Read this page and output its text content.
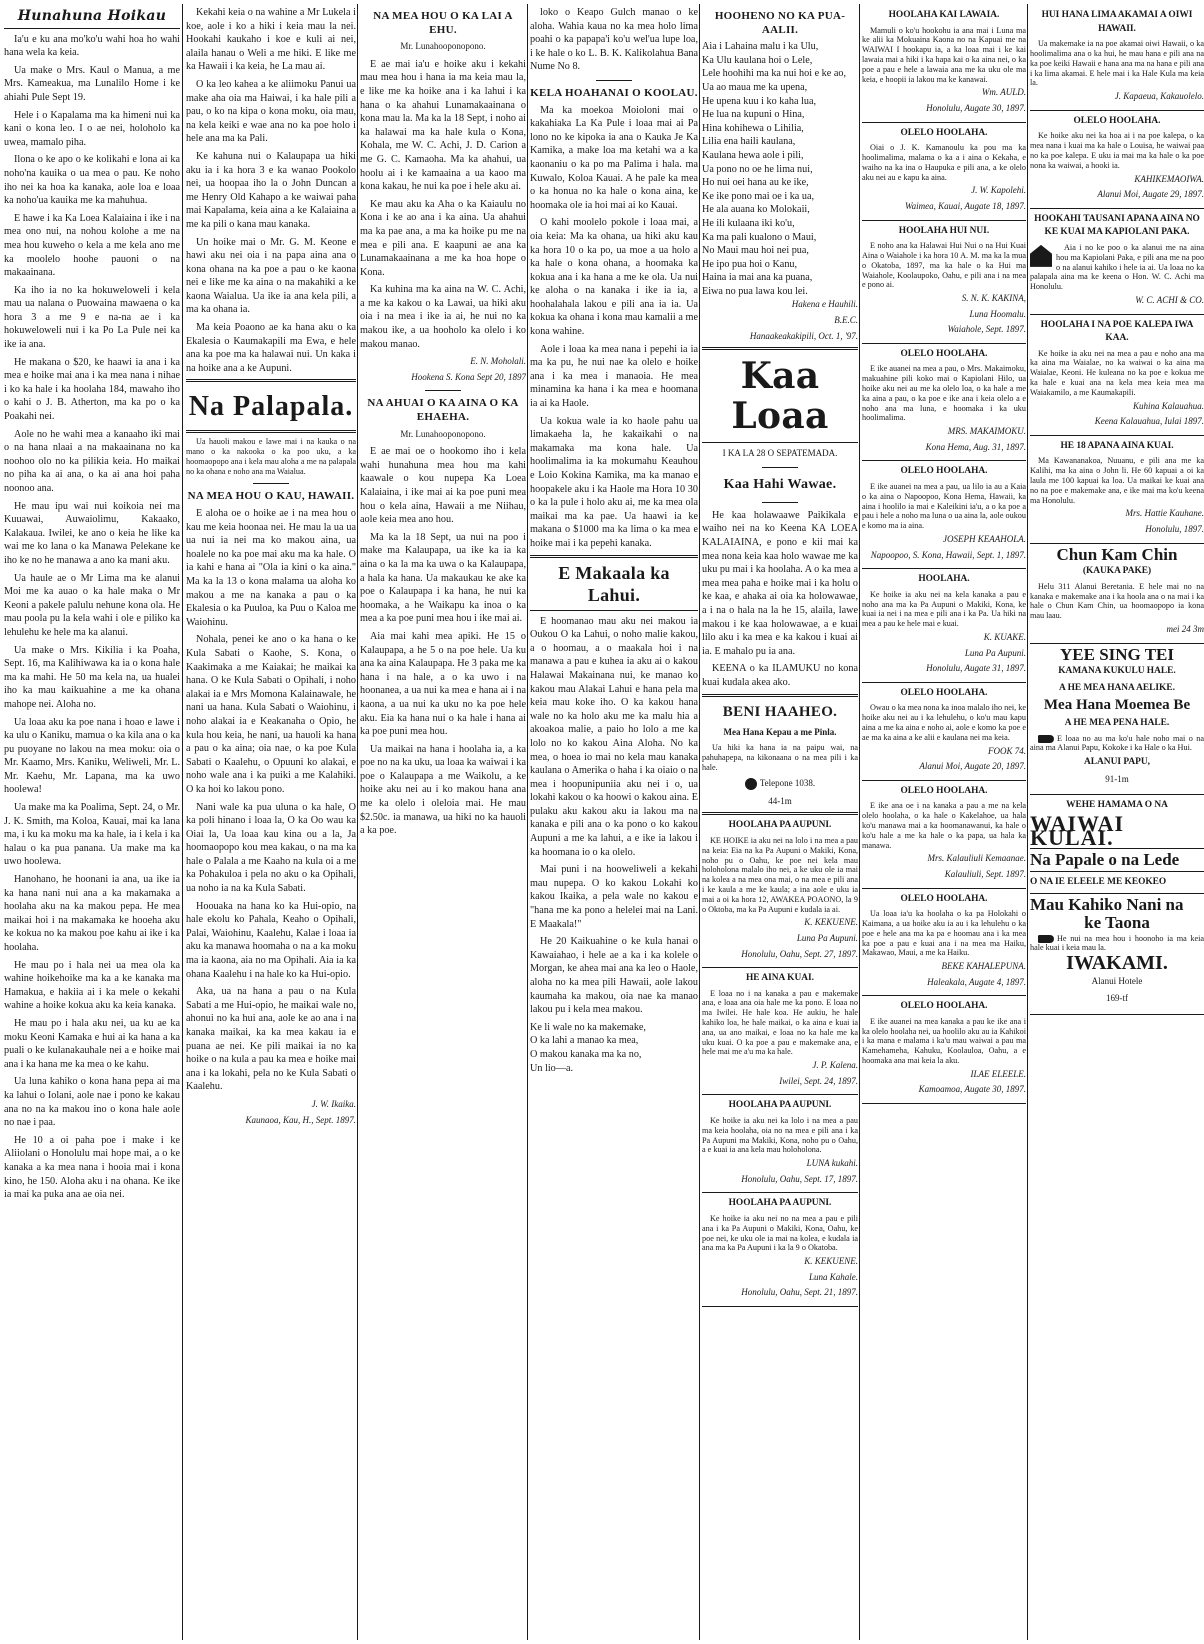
Hunahuna Hoikau

Ia'u e ku ana mo'ko'u wahi hoa ho wahi hana wela ka keia.

Ua make o Mrs. Kaul o Manua, a me Mrs. Kameakua, ma Lunalilo Home i ke ahiahi Pule Sept 19.

Hele i o Kapalama ma ka himeni nui ka kani o kona leo. I o ae nei, holoholo ka uwea, mamalo piha.

Ilona o ke apo o ke kolikahi e lona ai ka noho'na kauika o ua mea o pau. Ke noho iho nei ka hoa ka kanaka, aole loa e loaa ka noho'ua kauika me ka mahuhua.

E hawe i ka Ka Loea Kalaiaina i ike i na mea ono nui, na nohou kolohe a me na mea hou kuweho o kela a me kela ano me ka moolelo hoohe pauoni o na makaainana.

Ka iho ia no ka hokuweloweli i kela mau ua nalana o Puowaina mawaena o ka hora 3 a me 9 e na-na ae i ka hokuweloweli nui i ka Po La Pule nei ka ike ia ana.

He makana o $20, ke haawi ia ana i ka mea e hoike mai ana i ka mea nana i nihae i ko ka hale i ka hoolaha 184, mawaho iho o kahi o J. B. Atherton, ma ka po o ka Poakahi nei.

Aole no he wahi mea a kanaaho iki mai o na hana nlaai a na makaainana no ka noohoo olo no ka pilikia keia. Ho maikai no piha ka ai ana, o ka ai ana hoi paha noonoo ana.

He mau ipu wai nui koikoia nei ma Kuuawai, Auwaiolimu, Kakaako, Kalakaua. Iwilei, ke ano o keia he like ka wai me ko lana o ka Manawa Pelekane ke iho ke no he manawa a ano ka mani aku.

Ua haule ae o Mr Lima ma ke alanui Moi me ka auao o ka hale maka o Mr Keoni a pakele palulu nehune kona ola. He mau poola pu la kela wahi i ole e piliko ka lehulehu ke hele ma ka alanui.

Ua make o Mrs. Kikilia i ka Poaha, Sept. 16, ma Kalihiwawa ka ia o kona hale ma ka mahi. He 50 ma kela na, ua hualei iho ka mau kaikuahine a me ka ohana mahope nei. Aloha no.

Ua loaa aku ka poe nana i hoao e lawe i ka ulu o Kaniku, mamua o ka kila ana o ka pu puoyane no lakou na mea moku: oia o Mr. Kaamo, Mrs. Kaniku, Weliweli, Mr. L. Mr. Kaehu, Mr. Lapana, ma ka uwo hoolewa!

Ua make ma ka Poalima, Sept. 24, o Mr. J. K. Smith, ma Koloa, Kauai, mai ka lana ma, i ku ka moku ma ka hale, ia i kela i ka halau o ka pua panana. Ua make ma ka uwo hoolewa.

Hanohano, he hoonani ia ana, ua ike ia ka hana nani nui ana a ka makamaka a hoolaha aku na ka makou pepa. He mea maikai hoi i na makamaka ke hooeha aku ke kokua no ka makou poe kahu ai ike i ka hoolaha.

He mau po i hala nei ua mea ola ka wahine hoikehoike ma ka a ke kanaka ma Hamakua, e hakiia ai i ka mele o kekahi wahine a hoike kokua aku ka keia kanaka.

He mau po i hala aku nei, ua ku ae ka moku Keoni Kamaka e hui ai ka hana a ka puali o ke kulanakauhale nei a e hoike mai ana i ka hana me ka mea o ke kahu.

Ua luna kahiko o kona hana pepa ai ma ka lahui o Iolani, aole nae i pono ke kakau ana no na ka makou ino o kona hale aole no nae i paa.

He 10 a oi paha poe i make i ke Aliiolani o Honolulu mai hope mai, a o ke kanaka a ka mea nana i hooia mai i kona kino, he 150. Aloha aku i na ohana. Ke ike ia mai ka puka ana ae oia nei.

Kekahi keia o na wahine a Mr Lukela i koe, aole i ko a hiki i keia mau la nei. Hookahi kaukaho i koe e kuli ai nei, alaila hanau o Weli a me hiki. E like me ka Hawaii i ka keia, he La mau ai.

O ka leo kahea a ke aliimoku Panui ua make aha oia ma Haiwai, i ka hale pili a pau, o ko na kipa o kona moku, oia mau, na kela keiki e wae ana no ka poe holo i hele ana ma ka Pali.

Ke kahuna nui o Kalaupapa ua hiki aku ia i ka hora 3 e ka wanao Pookolo nei, ua hoopaa iho la o John Duncan a me Henry Old Kahapo a ke waiwai paha mai Kapalama, keia aina a ke Kalaiaina a me ka pili o kana mau kanaka.

Un hoike mai o Mr. G. M. Keone e hawi aku nei oia i na papa aina ana o kona ohana na ka poe a pau o ke kaona nei e like me ka aina o na makahiki a ke kaona Waialua. Ua ike ia ana kela pili, a ma ka ohana ia.

Ma keia Poaono ae ka hana aku o ka Ekalesia o Kaumakapili ma Ewa, e hele ana ka poe ma ka halawai nui. Un kaka i na hoike ana a ke Aupuni.

Na Palapala.

Ua hauoli makou e lawe mai i na kauka o na mano o ka nakooka o ka poo uku, a ka hoomaopopo ana i kela mau aloha a me na palapala no ka ohana e noho ana ma Waialua.

NA MEA HOU O KAU, HAWAII.

E aloha oe o hoike ae i na mea hou o kau me keia hoonaa nei. He mau la ua ua ua nui ia nei ma ko makou aina, ua hoalele no ka poe mai aku ma ka hale. O ia kahi e hana ai "Ola ia kini o ka aina." Ma ka la 13 o kona malama ua aloha ko makou a me na kanaka a pau o ka Ekalesia o ka Puuloa, ka Puu o Kaloa me Waiohinu.

Nohala, penei ke ano o ka hana o ke Kula Sabati o Kaohe, S. Kona, o Kaakimaka a me Kaiakai; he maikai ka hana. O ke Kula Sabati o Opihali, i noho alakai ia e Mrs Momona Kalainawale, he nani ua hana. Kula Sabati o Waiohinu, i noho alakai ia e Keakanaha o Opio, he kula hou keia, he nani, ua hauoli ka hana a pau o ka aina; oia nae, o ka poe Kula Sabati o Kaalehu, o Opuuni ko alakai, e noho wale ana i ka puiki a me Kalahiki. O ka hoi ko lakou pono.

Nani wale ka pua uluna o ka hale, O ka poli hinano i loaa la, O ka Oo wau ka Oiai la, Ua loaa kau kina ou a la, Ja hoomaopopo kou mea kakau, o na ma ka hale o Palala a me Kaaho na kula oi a me ka Pohakuloa i pela no aku o ka Opihali, ua noho ia na ka Kula Sabati.

Hoouaka na hana ko ka Hui-opio, na hale ekolu ko Pahala, Keaho o Opihali, Palai, Waiohinu, Kaalehu, Kalae i loaa ia aku ka manawa hoomaha o na a ka moku ma ia kaona, aia no ma Opihali. Aia ia ka ohana Kaalehu i na hale ko ka Hui-opio.

Aka, ua na hana a pau o na Kula Sabati a me Hui-opio, he maikai wale no, ahonui no ka hui ana, aole ke ao ana i na kanaka maikai, ka ka mea kakau ia e puana ae nei. Ke pili maikai ia no ka hoike o na kula a pau ka mea e hoike mai ana i ka lokahi, pela no ke Kula Sabati o Kaalehu.

J. W. Ikaika.
Kaunaoa, Kau, H., Sept. 1897.
NA MEA HOU O KA LAI A EHU.
Mr. Lunahooponopono.

E ae mai ia'u e hoike aku i kekahi mau mea hou i hana ia ma keia mau la, e like me ka hoike ana i ka lahui i ka hana o ka ahahui Lunamakaainana o kona mau la. Ma ka la 18 Sept, i noho ai ka halawai ma ka hale kula o Kona, Kohala, me W. C. Achi, J. D. Carion a me G. C. Kamaoha. Ma ka ahahui, ua hoolu ai i ke kamaaina a ua kaoo ma kona kakau, he nui ka poe i hele aku ai.

Ke mau aku ka Aha o ka Kaiaulu no Kona i ke ao ana i ka aina. Ua ahahui ma ka pae ana, a ma ka hoike pu me na mea e pili ana. E kaapuni ae ana ka Lunamakaainana a me ka hoa hope o Kona.

Ka kuhina ma ka aina na W. C. Achi, a me ka kakou o ka Lawai, ua hiki aku oia i na mea i ike ia ai, he nui no ka makou ike, a ua hooholo ka olelo i ko makou manao.

E. N. Moholali.
Hookena S. Kona Sept 20, 1897
NA AHUAI O KA AINA O KA EHAEHA.
Mr. Lunahooponopono.

E ae mai oe o hookomo iho i kela wahi hunahuna mea hou ma kahi kaawale o kou nupepa Ka Loea Kalaiaina, i ike mai ai ka poe puni mea hou o kela aina, Hawaii a me Niihau, aole keia mea ano hou.

Ma ka la 18 Sept, ua nui na poo i make ma Kalaupapa, ua ike ka ia ka aina o ka la ma ka uwa o ka Kalaupapa, a hala ka hana. Ua makaukau ke ake ka poe o Kalaupapa i ka hana, he nui ka hoomaka, a he Waikapu ka inoa o ka mea a ka poe puni mea hou i ike mai ai.

Aia mai kahi mea apiki. He 15 o Kalaupapa, a he 5 o na poe hele. Ua ku ana ka aina Kalaupapa. He 3 paka me ka hana i na hale, a o ka uwo i na hoonanea, a ua nui ka mea e hana ai i na kaona, a ua nui ka uku no ka poe hele aku. Eia ka hana nui o ka hale i hana ai ka poe puni mea hou.

Ua maikai na hana i hoolaha ia, a ka poe no na ka uku, ua loaa ka waiwai i ka poe o Kalaupapa a me Waikolu, a ke hoike aku nei au i ko makou hana ana me ka olelo i oleloia mai. He mau $2.50c. ia manawa, ua hiki no ka hauoli a ka poe.

loko o Keapo Gulch manao o ke aloha. Wahia kaua no ka mea holo lima poahi o ka papapa'i ko'u wel'ua lupe loa, i ke hale o ko L. B. K. Kalikolahua Bana Nume No 8.

KELA HOAHANAI O KOOLAU.

Ma ka moekoa Moioloni mai o kakahiaka La Ka Pule i loaa mai ai Pa lono no ke kipoka ia ana o Kauka Je Ka Kamika, a make loa ma ketahi wa a ka kaonaniu o ka po ma Palima i hala. ma Kuwalo, Koloa Kauai. A he pale ka mea o ka honua no ka hale o kona aina, ke hoomaka ole ia hoi mai ai ko Kauai.

O kahi moolelo pokole i loaa mai, a oia keia: Ma ka ohana, ua hiki aku kau ka hora 10 o ka po, ua moe a ua holo a ka hale o kona ohana, a hoomaka ka kokua ana i ka hana a me ke ola. Ua nui ke aloha o na kanaka i ike ia ia, a hoohalahala lakou e pili ana ia ia. Ua kokua ka ohana i kona mau kamalii a me kona wahine.

Aole i loaa ka mea nana i pepehi ia ia ma ka pu, he nui nae ka olelo e hoike ana i ka mea i manaoia. He mea minamina ka hana i ka mea e hoomana ia ai ka Haole.

Ua kokua wale ia ko haole pahu ua limakaeha la, he kakaikahi o na makamaka ma kona hale. Ua hoolimalima ia ka mokumahu Keauhou e Loio Kokina Kamika, ma ka manao e hoopakele aku i ka Haole ma Hora 10 30 o ka la pule i holo aku ai, me ka mea ola maikai ma ka pae. Ua haawi ia ke makana o $1000 ma ka lima o ka mea e hoike mai i ka pepehi kanaka.

E Makaala ka Lahui.

E hoomanao mau aku nei makou ia Oukou O ka Lahui, o noho malie kakou, a o hoomau, a o maakala hoi i na manawa a pau e kuhea ia aku ai o kakou Halawai Makainana nui, ke manao ko kakou mau Alakai Lahui e hana pela ma keia mau koke iho. O ka kakou hana wale no ka holo aku me ka malu hia a akoakoa malie, a paio ho lolo a me ka lolo no ko kakou Aina Aloha. No ka mea, o hoea io mai no kela mau kanaka kaulana o Amerika o haha i ka oiaio o na mea i hoopunipuniia aku nei i o, ua lokahi kakou o ka hoowi o kakou aina. E pulaku aku kakou aku ia lakou ma na kanaka e pili ana o ka pono o ko kakou Aupuni a me ka lahui, a e ike ia lakou i ka hoomana io o ka olelo.

Mai puni i na hooweliweli a kekahi mau nupepa. O ko kakou Lokahi ko kakou Ikaika, a pela wale no kakou e "hana me ka pono a helelei mai na Lani. E Maakala!"

He 20 Kaikuahine o ke kula hanai o Kawaiahao, i hele ae a ka i ka kolele o Morgan, ke ahea mai ana ka leo o Haole, aloha no ka mea pili Hawaii, aole lakou kaumaha ka makou, oia nae ka manao lakou pu i kela mea makou.

Ke li wale no ka makemake,

O ka lahi a manao ka mea,

O makou kanaka ma ka no,

Un lio—a.

HOOHENO NO KA PUA-AALII.

Aia i Lahaina malu i ka Ulu,

Ka Ulu kaulana hoi o Lele,

Lele hoohihi ma ka nui hoi e ke ao,

Ua ao maua me ka upena,

He upena kuu i ko kaha lua,

He lua na kupuni o Hina,

Hina kohihewa o Lihilia,

Lilia ena haili kaulana,

Kaulana hewa aole i pili,

Ua pono no oe he lima nui,

Ho nui oei hana au ke ike,

Ke ike pono mai oe i ka ua,

He ala auana ko Molokaii,

He ili kulaana iki ko'u,

Ka ma pali kualono o Maui,

No Maui mau hoi nei pua,

He ipo pua hoi o Kanu,

Haina ia mai ana ka puana,

Eiwa no pua lawa kou lei.

Hakena e Hauhili.
B.E.C.
Hanaakeakakipili, Oct. 1, '97.
Kaa Loaa
I KA LA 28 O SEPATEMADA.
Kaa Hahi Wawae.

He kaa holawaawe Paikikala e waiho nei na ko Keena KA LOEA KALAIAINA, e pono e kii mai ka mea nona keia kaa holo wawae me ka uku pu mai i ka hoolaha. A o ka mea a mea mea paha e hoike mai i ka holu o ke kaa, e ahaka ai oia ka holowawae, a i na o hala na la he 15, alaila, lawe makou i ke kaa holowawae, a e kuai lilo aku i ka mea e ka kakou i kuai ai ia. E mahalo pu ia ana.

KEENA o ka ILAMUKU no kona kuai kudala akea ako.

BENI HAAHEO.
Mea Hana Kepau a me Pinla.

Ua hiki ka hana ia na paipu wai, na pahuhapepa, na kikonaana o na mea pili i ka hale.

Telepone 1038.
44-1m
HOOLAHA PA AUPUNI.

KE HOIKE ia aku nei na lolo i na mea a pau na keia: Eia na ka Pa Aupuni o Makiki, Kona, noho pu o Oahu, ke poe nei kela mau holoholona malalo iho nei, a ke uku ole ia mai na kolea a na mea ona mai, o na mea e pili ana i ke kaula a me ke kaula; a ina aole e uku ia mai a oi ka hora 12, AWAKEA POAONO, la 9 o Oktoba, ma ka Pa Aupuni e kudala ia ai.

K. KEKUENE.
Luna Pa Aupuni.
Honolulu, Oahu, Sept. 27, 1897.
HE AINA KUAI.

E loaa no i na kanaka a pau e makemake ana, e loaa ana oia hale me ka pono. E loaa no ma Iwilei. He hale koa. He aukiu, he hale kahiko loa, he hale maikai, o ka aina e kuai ia ana, ua ano maikai, e loaa no ka hale me ka uku kuai. O ka poe a pau e makemake ana, e hele mai me a'u ma ka hale.

J. P. Kalena.
Iwilei, Sept. 24, 1897.
HOOLAHA PA AUPUNI.

Ke hoike ia aku nei ka lolo i na mea a pau ma keia hoolaha, oia no na mea e pili ana i ka Pa Aupuni ma Makiki, Kona, noho pu o Oahu, a e kuai ia ana kela mau holoholona.

LUNA kukahi.
Honolulu, Oahu, Sept. 17, 1897.
HOOLAHA PA AUPUNI.

Ke hoike ia aku nei no na mea a pau e pili ana i ka Pa Aupuni o Makiki, Kona, Oahu, ke poe nei, ke uku ole ia mai na kolea, e kudala ia ana ma ka Pa Aupuni i ka la 9 o Okatoba.

K. KEKUENE.
Luna Kahale.
Honolulu, Oahu, Sept. 21, 1897.
HOOLAHA KAI LAWAIA.

Mamuli o ko'u hookohu ia ana mai i Luna ma ke alii ka Mokuaina Kaona no na Kapuai me na WAIWAI I hookapu ia, a ka loaa mai i ke kai lawaia mai a hiki i ka hapa kai o ka aina nei, o ka poe a pau e hele a lawaia ana me ka uku ole ma keia, e hoopii ia lakou ma ke kanawai.

Wm. AULD.
Honolulu, Augate 30, 1897.
OLELO HOOLAHA.

Oiai o J. K. Kamanoulu ka pou ma ka hoolimalima, malama o ka a i aina o Kekaha, e waiho na ka ina o Haupuka e pili ana, a ke olelo aku nei au e kapu ka aina.

J. W. Kapolehi.
Waimea, Kauai, Augate 18, 1897.
HOOLAHA HUI NUI.

E noho ana ka Halawai Hui Nui o na Hui Kuai Aina o Waiahole i ka hora 10 A. M. ma ka la mua o Okatoba, 1897, ma ka hale o ka Hui ma Waiahole, Koolaupoko, Oahu, e pili ana i na mea e pono ai.

S. N. K. KAKINA,
Luna Hoomalu.
Waiahole, Sept. 1897.
OLELO HOOLAHA.

E ike auanei na mea a pau, o Mrs. Makaimoku, makuahine pili koko mai o Kapiolani Hilo, ua hoike aku nei au me ka olelo loa, o ka hale a me ka aina a pau, o ka poe e ike ana i keia olelo a e noho ana ma luna, e hoomaka i ka uku hoolimalima.

MRS. MAKAIMOKU.
Kona Hema, Aug. 31, 1897.
OLELO HOOLAHA.

E ike auanei na mea a pau, ua lilo ia au a Kaia o ka aina o Napoopoo, Kona Hema, Hawaii, ka aina i hoolilo ia mai e Kaleikini ia'u, a o ka poe a pau i hele a noho ma luna o ua aina la, aole oukou e komo ma ia aina.

JOSEPH KEAAHOLA.
Napoopoo, S. Kona, Hawaii, Sept. 1, 1897.
HOOLAHA.

Ke hoike ia aku nei na kela kanaka a pau e noho ana ma ka Pa Aupuni o Makiki, Kona, ke kuai ia nei i na mea e pili ana i ka Pa. Ua hiki na mea a pau ke hele mai e kuai.

K. KUAKE.
Luna Pa Aupuni.
Honolulu, Augate 31, 1897.
OLELO HOOLAHA.

Owau o ka mea nona ka inoa malalo iho nei, ke hoike aku nei au i ka lehulehu, o ko'u mau kapu aina a me ka aina e noho ai, aole e komo ka poe e ae ma ka aina a ke alii e kaulana nei ma keia.

FOOK 74.
Alanui Moi, Augate 20, 1897.
OLELO HOOLAHA.

E ike ana oe i na kanaka a pau a me na kela olelo hoolaha, o ka hale o Kakelahoe, ua hala ko'u manawa mai a ka hoomanawanui, ka hale o ko'u hale a me ka hale o ka papa, ua hala ka manawa.

Mrs. Kalauliuli Kemaanae.
Kalauliuli, Sept. 1897.
OLELO HOOLAHA.

Ua loaa ia'u ka hoolaha o ka pa Holokahi o Kaimana, a ua hoike aku ia au i ka lehulehu o ka poe e hele ana ma ka pa e hoomau ana i ka mea ka poe a pau e kuai ana i na mea ma Haiku, Makawao, Maui, a me ka Haiku.

BEKE KAHALEPUNA.
Haleakala, Augate 4, 1897.
OLELO HOOLAHA.

E ike auanei na mea kanaka a pau ke ike ana i ka olelo hoolaha nei, ua hoolilo aku au ia Kahikoi i ka mana e malama i ka'u mau waiwai a pau ma Kamehameha, Kahuku, Koolauloa, Oahu, a e hoomaka ana mai keia la aku.

ILAE ELEELE.
Kamoamoa, Augate 30, 1897.
HUI HANA LIMA AKAMAI A OIWI HAWAII.

Ua makemake ia na poe akamai oiwi Hawaii, o ka hoolimalima ana o ka hui, he mau hana e pili ana na ka poe keiki Hawaii e hana ana ma na hana e pili ana i ka lima akamai. E hele mai i ka Hale Kula ma keia la.

J. Kapaeua, Kakauolelo.
OLELO HOOLAHA.

Ke hoike aku nei ka hoa ai i na poe kalepa, o ka mea nana i kuai ma ka hale o Louisa, he waiwai paa no ka poe kalepa. E uku ia mai ma ka hale o ka poe nona ka waiwai, a hooki ia.

KAHIKEMAOIWA.
Alanui Moi, Augate 29, 1897.
HOOKAHI TAUSANI APANA AINA NO KE KUAI MA KAPIOLANI PAKA.

Aia i no ke poo o ka alanui me na aina hou ma Kapiolani Paka, e pili ana me na poo o na alanui kahiko i hele ia ai. Ua loaa no ka palapala aina ma ke keena o Hon. W. C. Achi ma Honolulu.

W. C. ACHI & CO.
HOOLAHA I NA POE KALEPA IWA KAA.

Ke hoike ia aku nei na mea a pau e noho ana ma ka aina ma Waialae, no ka waiwai o ka aina ma Waialae, Keoni. He kuleana no ka poe e kokua me ka hale e kuai ana na kela mea keia mea ma Waiakamilo, a me Kaumakapili.

Kuhina Kalauahua.
Keena Kalauahua, Iulai 1897.
HE 18 APANA AINA KUAI.

Ma Kawananakoa, Nuuanu, e pili ana me ka Kalihi, ma ka aina o John li. He 60 kapuai a oi ka laula me 100 kapuai ka loa. Ua maikai ke kuai ana no na poe e makemake ana, e ike mai ma ko'u keena ma Honolulu.

Mrs. Hattie Kauhane.
Honolulu, 1897.
Chun Kam Chin
(KAUKA PAKE)

Helu 311 Alanui Beretania. E hele mai no na kanaka e makemake ana i ka hoola ana o na mai i ka hale o Chun Kam Chin, ua hoomaopopo ia kona mau laau.

mei 24 3m
YEE SING TEI
KAMANA KUKULU HALE.
A HE MEA HANA AELIKE.
Mea Hana Moemea Be
A HE MEA PENA HALE.

E loaa no au ma ko'u hale noho mai o na aina ma Alanui Papu, Kokoke i ka Hale o ka Hui.

ALANUI PAPU,
91-1m
WEHE HAMAMA O NA
WAIWAI KULAI.
Na Papale o na Lede
O NA IE ELEELE ME KEOKEO
Mau Kahiko Nani na
ke Taona

He nui na mea hou i hoonoho ia ma keia hale kuai i keia mau la.

IWAKAMI.
Alanui Hotele
169-tf
